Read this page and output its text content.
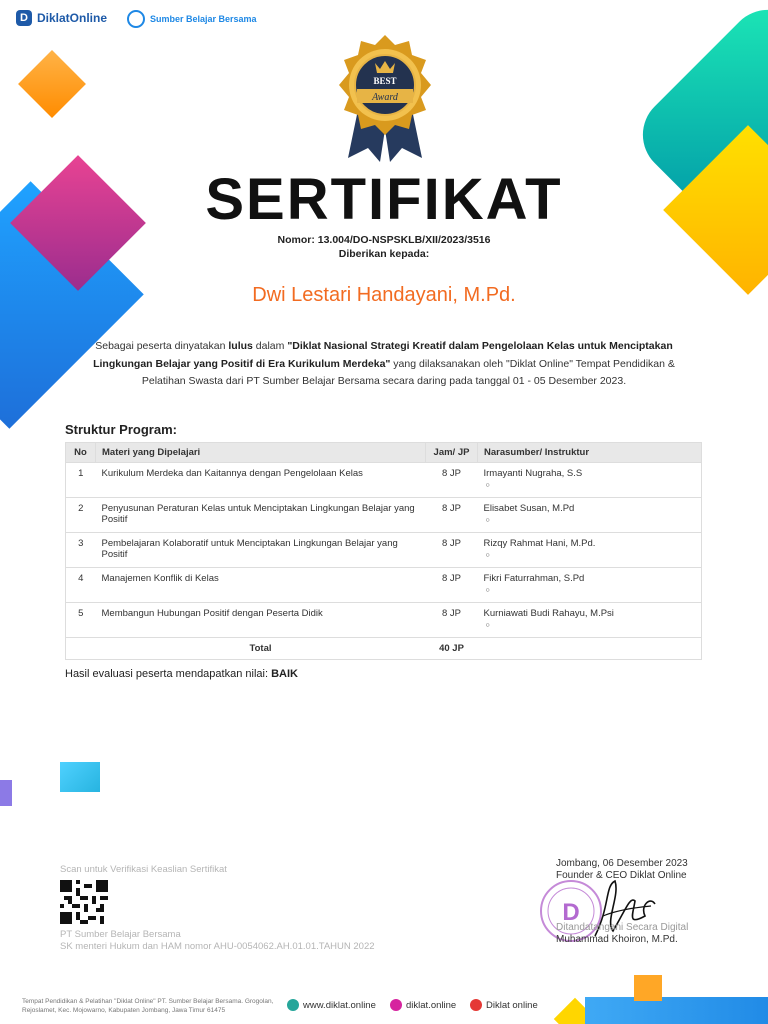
D DiklatOnline	Sumber Belajar Bersama
BEST
Award
SERTIFIKAT
Nomor: 13.004/DO-NSPSKLB/XII/2023/3516
Diberikan kepada:
Dwi Lestari Handayani, M.Pd.
Sebagai peserta dinyatakan lulus dalam "Diklat Nasional Strategi Kreatif dalam Pengelolaan Kelas untuk Menciptakan Lingkungan Belajar yang Positif di Era Kurikulum Merdeka" yang dilaksanakan oleh "Diklat Online" Tempat Pendidikan & Pelatihan Swasta dari PT Sumber Belajar Bersama secara daring pada tanggal 01 - 05 Desember 2023.
Struktur Program:
No	Materi yang Dipelajari	Jam/ JP	Narasumber/ Instruktur
1	Kurikulum Merdeka dan Kaitannya dengan Pengelolaan Kelas	8 JP	Irmayanti Nugraha, S.S
○

2	Penyusunan Peraturan Kelas untuk Menciptakan Lingkungan Belajar yang Positif	8 JP	Elisabet Susan, M.Pd
○

3	Pembelajaran Kolaboratif untuk Menciptakan Lingkungan Belajar yang Positif	8 JP	Rizqy Rahmat Hani, M.Pd.
○

4	Manajemen Konflik di Kelas	8 JP	Fikri Faturrahman, S.Pd
○

5	Membangun Hubungan Positif dengan Peserta Didik	8 JP	Kurniawati Budi Rahayu, M.Psi
○

	Total	40 JP	
Hasil evaluasi peserta mendapatkan nilai: BAIK
Scan untuk Verifikasi Keaslian Sertifikat
PT Sumber Belajar Bersama
SK menteri Hukum dan HAM nomor AHU-0054062.AH.01.01.TAHUN 2022
D
Jombang, 06 Desember 2023
Founder & CEO Diklat Online
Ditandatangani Secara Digital
Muhammad Khoiron, M.Pd.
Tempat Pendidikan & Pelatihan "Diklat Online" PT. Sumber Belajar Bersama. Grogolan, Rejoslamet, Kec. Mojowarno, Kabupaten Jombang, Jawa Timur 61475	www.diklat.online	diklat.online	Diklat online
